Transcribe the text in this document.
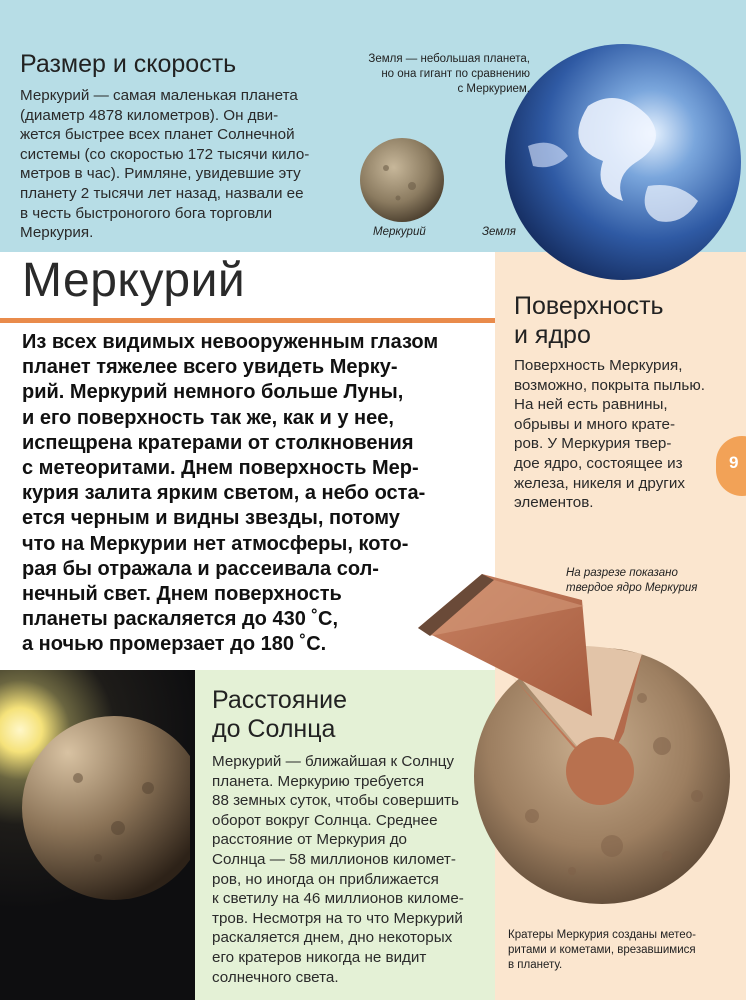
Размер и скорость
Меркурий — самая маленькая планета
(диаметр 4878 километров). Он дви-
жется быстрее всех планет Солнечной
системы (со скоростью 172 тысячи кило-
метров в час). Римляне, увидевшие эту
планету 2 тысячи лет назад, назвали ее
в честь быстроногого бога торговли
Меркурия.
Земля — небольшая планета,
но она гигант по сравнению
с Меркурием.
Меркурий	Земля
Меркурий
Из всех видимых невооруженным глазом
планет тяжелее всего увидеть Мерку-
рий. Меркурий немного больше Луны,
и его поверхность так же, как и у нее,
испещрена кратерами от столкновения
с метеоритами. Днем поверхность Мер-
курия залита ярким светом, а небо оста-
ется черным и видны звезды, потому
что на Меркурии нет атмосферы, кото-
рая бы отражала и рассеивала сол-
нечный свет. Днем поверхность
планеты раскаляется до 430 ˚С,
а ночью промерзает до 180 ˚С.
Поверхность
и ядро
Поверхность Меркурия,
возможно, покрыта пылью.
На ней есть равнины,
обрывы и много крате-
ров. У Меркурия твер-
дое ядро, состоящее из
железа, никеля и других
элементов.
9
На разрезе показано
твердое ядро Меркурия
Расстояние
до Солнца
Меркурий — ближайшая к Солнцу
планета. Меркурию требуется
88 земных суток, чтобы совершить
оборот вокруг Солнца. Среднее
расстояние от Меркурия до
Солнца — 58 миллионов километ-
ров, но иногда он приближается
к светилу на 46 миллионов киломе-
тров. Несмотря на то что Меркурий
раскаляется днем, дно некоторых
его кратеров никогда не видит
солнечного света.
Кратеры Меркурия созданы метео-
ритами и кометами, врезавшимися
в планету.
